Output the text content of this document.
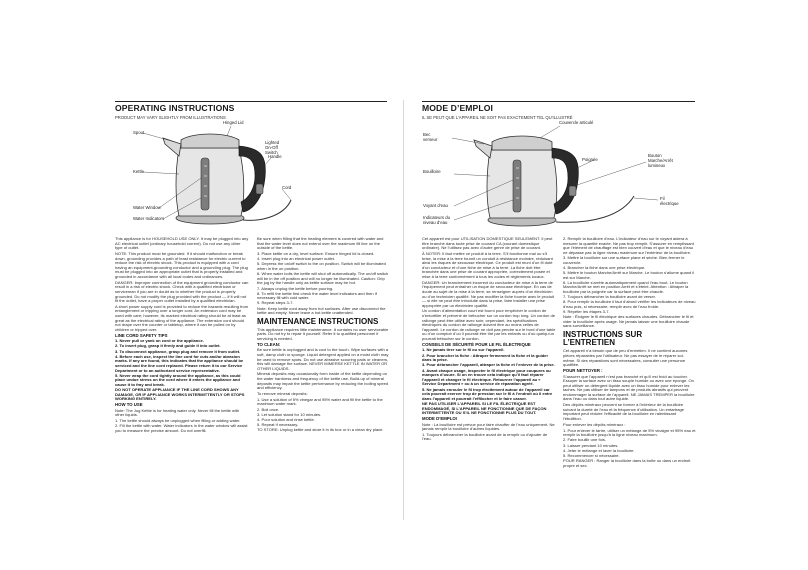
OPERATING INSTRUCTIONS
PRODUCT MAY VARY SLIGHTLY FROM ILLUSTRATIONS
Hinged Lid
Spout
Handle
Kettle
Lighted
On-Off
Switch
Cord
Water Window
Water Indicators

This appliance is for HOUSEHOLD USE ONLY. It may be plugged into any AC electrical outlet (ordinary household current). Do not use any other type of outlet.

NOTE: This product must be grounded. If it should malfunction or break down, grounding provides a path of least resistance for electric current to reduce the risk of electric shock. This product is equipped with a cord having an equipment-grounding conductor and a grounding plug. The plug must be plugged into an appropriate outlet that is properly installed and grounded in accordance with all local codes and ordinances.

DANGER: Improper connection of the equipment grounding conductor can result in a risk of electric shock. Check with a qualified electrician or serviceman if you are in doubt as to whether the product is properly grounded. Do not modify the plug provided with the product — if it will not fit the outlet, have a proper outlet installed by a qualified electrician.

A short power supply cord is provided to reduce the hazards resulting from entanglement or tripping over a longer cord. An extension cord may be used with care; however, its marked electrical rating should be at least as great as the electrical rating of the appliance. The extension cord should not drape over the counter or tabletop, where it can be pulled on by children or tripped over.

LINE CORD SAFETY TIPS
1. Never pull or yank on cord or the appliance.
2. To insert plug, grasp it firmly and guide it into outlet.
3. To disconnect appliance, grasp plug and remove it from outlet.
4. Before each use, inspect the line cord for cuts and/or abrasion marks. If any are found, this indicates that the appliance should be serviced and the line cord replaced. Please return it to our Service Department or to an authorized service representative.
5. Never wrap the cord tightly around the appliance, as this could place undue stress on the cord where it enters the appliance and cause it to fray and break.

DO NOT OPERATE APPLIANCE IF THE LINE CORD SHOWS ANY DAMAGE, OR IF APPLIANCE WORKS INTERMITTENTLY OR STOPS WORKING ENTIRELY.

HOW TO USE

Note: The Jug Kettle is for heating water only. Never fill the kettle with other liquids.

1. The kettle should always be unplugged when filling or adding water.
2. Fill the kettle with water. Water indicators in the water window will assist you to measure the precise amount. Do not overfill.

Be sure when filling that the heating element is covered with water and that the water level does not extend over the maximum fill line on the outside of the kettle.

3. Place kettle on a dry, level surface. Ensure hinged lid is closed.
4. Insert plug into an electrical power outlet.
5. Depress the on/off switch to the on position. Switch will be illuminated when in the on position.
6. When water boils the kettle will shut off automatically. The on/off switch will be in the off position and will no longer be illuminated. Caution: Grip the jug by the handle only as kettle surface may be hot.
7. Always unplug the kettle before pouring.
8. To refill the kettle first check the water level indicators and then if necessary fill with cold water.
9. Repeat steps 3-7.

Note: Keep kettle cord away from hot surfaces. After use disconnect the kettle and empty. Never leave a hot kettle unattended.

MAINTENANCE INSTRUCTIONS

This appliance requires little maintenance. It contains no user serviceable parts. Do not try to repair it yourself. Refer it to qualified personnel if servicing is needed.

TO CLEAN:

Be sure kettle is unplugged and is cool to the touch. Wipe surfaces with a soft, damp cloth or sponge. Liquid detergent applied on a moist cloth may be used to remove spots. Do not use abrasive scouring pads or cleaners, this will damage the surface. NEVER IMMERSE KETTLE IN WATER OR OTHER LIQUIDS.

Mineral deposits may occasionally form inside of the kettle depending on the water hardness and frequency of the kettle use. Build-up of mineral deposits may impair the kettle performance by reducing the boiling speed and efficiency.

To remove mineral deposits:

1. Use a solution of 5% vinegar and 95% water and fill the kettle to the maximum water mark.
2. Boil once.
3. Let solution stand for 10 minutes.
4. Pour solution and rinse kettle.
5. Repeat if necessary.

TO STORE: Unplug kettle and store it in its box or in a clean dry place.

MODE D’EMPLOI
IL SE PEUT QUE L’APPAREIL NE SOIT PAS EXACTEMENT TEL QU’ILLUSTRÉ
Couvercle articulé
Bec
verseur
Poignée
Bouilloire
Bouton
Marche/Arrêt
lumineux
Fil
électrique
Voyant d’eau
Indicateurs du
niveau d’eau

Cet appareil est pour UTILISATION DOMESTIQUE SEULEMENT. Il peut être branché dans toute prise de courant CA (courant domestique ordinaire). Ne l’utilisez pas avec d’autre genre de prise de courant.

À NOTER: Il faut mettre ce produit à la terre. S’il fonctionne mal ou s’il brise, la mise à la terre fournit un conduit à résistance moindre, réduisant ainsi les risques de secousse électrique. Ce produit est muni d’un fil doté d’un conducteur et d’une fiche de mise à la terre. La fiche doit être branchée dans une prise de courant appropriée, correctement posée et mise à la terre conformément à tous les codes et règlements locaux.

DANGER: Un branchement incorrect du conducteur de mise à la terre de l’équipement peut entraîner un risque de secousse électrique. En cas de doute au sujet de la mise à la terre, se renseigner auprès d’un électricien ou d’un technicien qualifié. Ne pas modifier la fiche fournie avec le produit — si elle ne peut être introduite dans la prise, faire installer une prise appropriée par un électricien qualifié.

Un cordon d’alimentation court est fourni pour empêcher le cordon de s’entortiller et prévenir de trébucher sur un cordon trop long. Un cordon de rallonge peut être utilisé avec soin; cependant, les spécifications électriques du cordon de rallonge doivent être au moins celles de l’appareil. Le cordon de rallonge ne doit pas pendre sur le bord d’une table ou d’un comptoir d’où il pourrait être tiré par les enfants ou d’où quelqu’un pourrait trébucher sur le cordon.

CONSEILS DE SÉCURITÉ POUR LE FIL ÉLECTRIQUE
1. Ne jamais tirer sur le fil ou sur l’appareil.
2. Pour brancher la fiche : Attraper fermement la fiche et la guider dans la prise.
3. Pour débrancher l’appareil, attraper la fiche et l’enlever de la prise.
4. Avant chaque usage, inspecter le fil électrique pour coupures ou marques d’usure. Si on en trouve cela indique qu’il faut réparer l’appareil et changer le fil électrique. Retourner l’appareil au « Service Department » ou à un service de réparation agréé.
5. Ne jamais enrouler le fil trop étroitement autour de l’appareil car cela pourrait exercer trop de pression sur le fil à l’endroit où il entre dans l’appareil et pourrait l’effilocher et le faire casser.

NE PAS UTILISER L’APPAREIL SI LE FIL ÉLECTRIQUE EST ENDOMMAGÉ, SI L’APPAREIL NE FONCTIONNE QUE DE FAÇON INTERMITTENTE OU S’IL NE FONCTIONNE PLUS DU TOUT.

MODE D’EMPLOI

Note : La bouilloire est prévue pour faire chauffer de l’eau uniquement. Ne jamais remplir la bouilloire d’autres liquides.

1. Toujours débrancher la bouilloire avant de la remplir ou d’ajouter de l’eau.
2. Remplir la bouilloire d’eau. L’indicateur d’eau sur le voyant aidera à mesurer la quantité exacte. Ne pas trop remplir. S’assurer en remplissant que l’élément de chauffage est bien couvert d’eau et que le niveau d’eau ne dépasse pas la ligne niveau maximum sur l’extérieur de la bouilloire.
3. Mettre la bouilloire sur une surface plane et sèche. Bien fermer le couvercle.
4. Brancher la fiche dans une prise électrique.
5. Mettre le bouton Marche/Arrêt sur Marche. Le bouton s’allume quand il est sur Marche.
6. La bouilloire s’arrête automatiquement quand l’eau bout. Le bouton Marche/Arrêt se met en position Arrêt et s’éteint. Attention : Attraper la bouilloire par la poignée car la surface peut être chaude.
7. Toujours débrancher la bouilloire avant de verser.
8. Pour remplir la bouilloire il faut d’abord vérifier les indicateurs de niveau d’eau puis, si nécessaire, remplir avec de l’eau froide.
9. Répéter les étapes 3-7.

Note : Éloigner le fil électrique des surfaces chaudes. Débrancher le fil et vider la bouilloire après usage. Ne jamais laisser une bouilloire chaude sans surveillance.

INSTRUCTIONS SUR L’ENTRETIEN

Cet appareil n’a besoin que de peu d’entretien. Il ne contient aucunes pièces réparables par l’utilisateur. Ne pas essayer de le réparer soi-même. Si des réparations sont nécessaires, consulter une personne qualifiée.

POUR NETTOYER :

S’assurer que l’appareil n’est pas branché et qu’il est froid au toucher. Essuyer la surface avec un tissu souple humide ou avec une éponge. On peut utiliser un détergent liquide avec un tissu humide pour enlever les taches. Ne pas utiliser de tampons et de produits abrasifs qui peuvent endommager la surface de l’appareil. NE JAMAIS TREMPER la bouilloire dans l’eau ou dans tout autre liquide.

Des dépôts minéraux peuvent se former à l’intérieur de la bouilloire suivant la dureté de l’eau et la fréquence d’utilisation. Un entartrage important peut réduire l’efficacité de la bouilloire en ralentissant l’ébullition.

Pour enlever les dépôts minéraux :

1. Pour enlever le tartre, utiliser un mélange de 5% vinaigre et 95% eau et remplir la bouilloire jusqu’à la ligne niveau maximum.
2. Faire bouillir une fois.
3. Laisser pendant 10 minutes.
4. Jeter le mélange et laver la bouilloire.
5. Recommencer si nécessaire.

POUR RANGER : Ranger la bouilloire dans la boîte ou dans un endroit propre et sec.
